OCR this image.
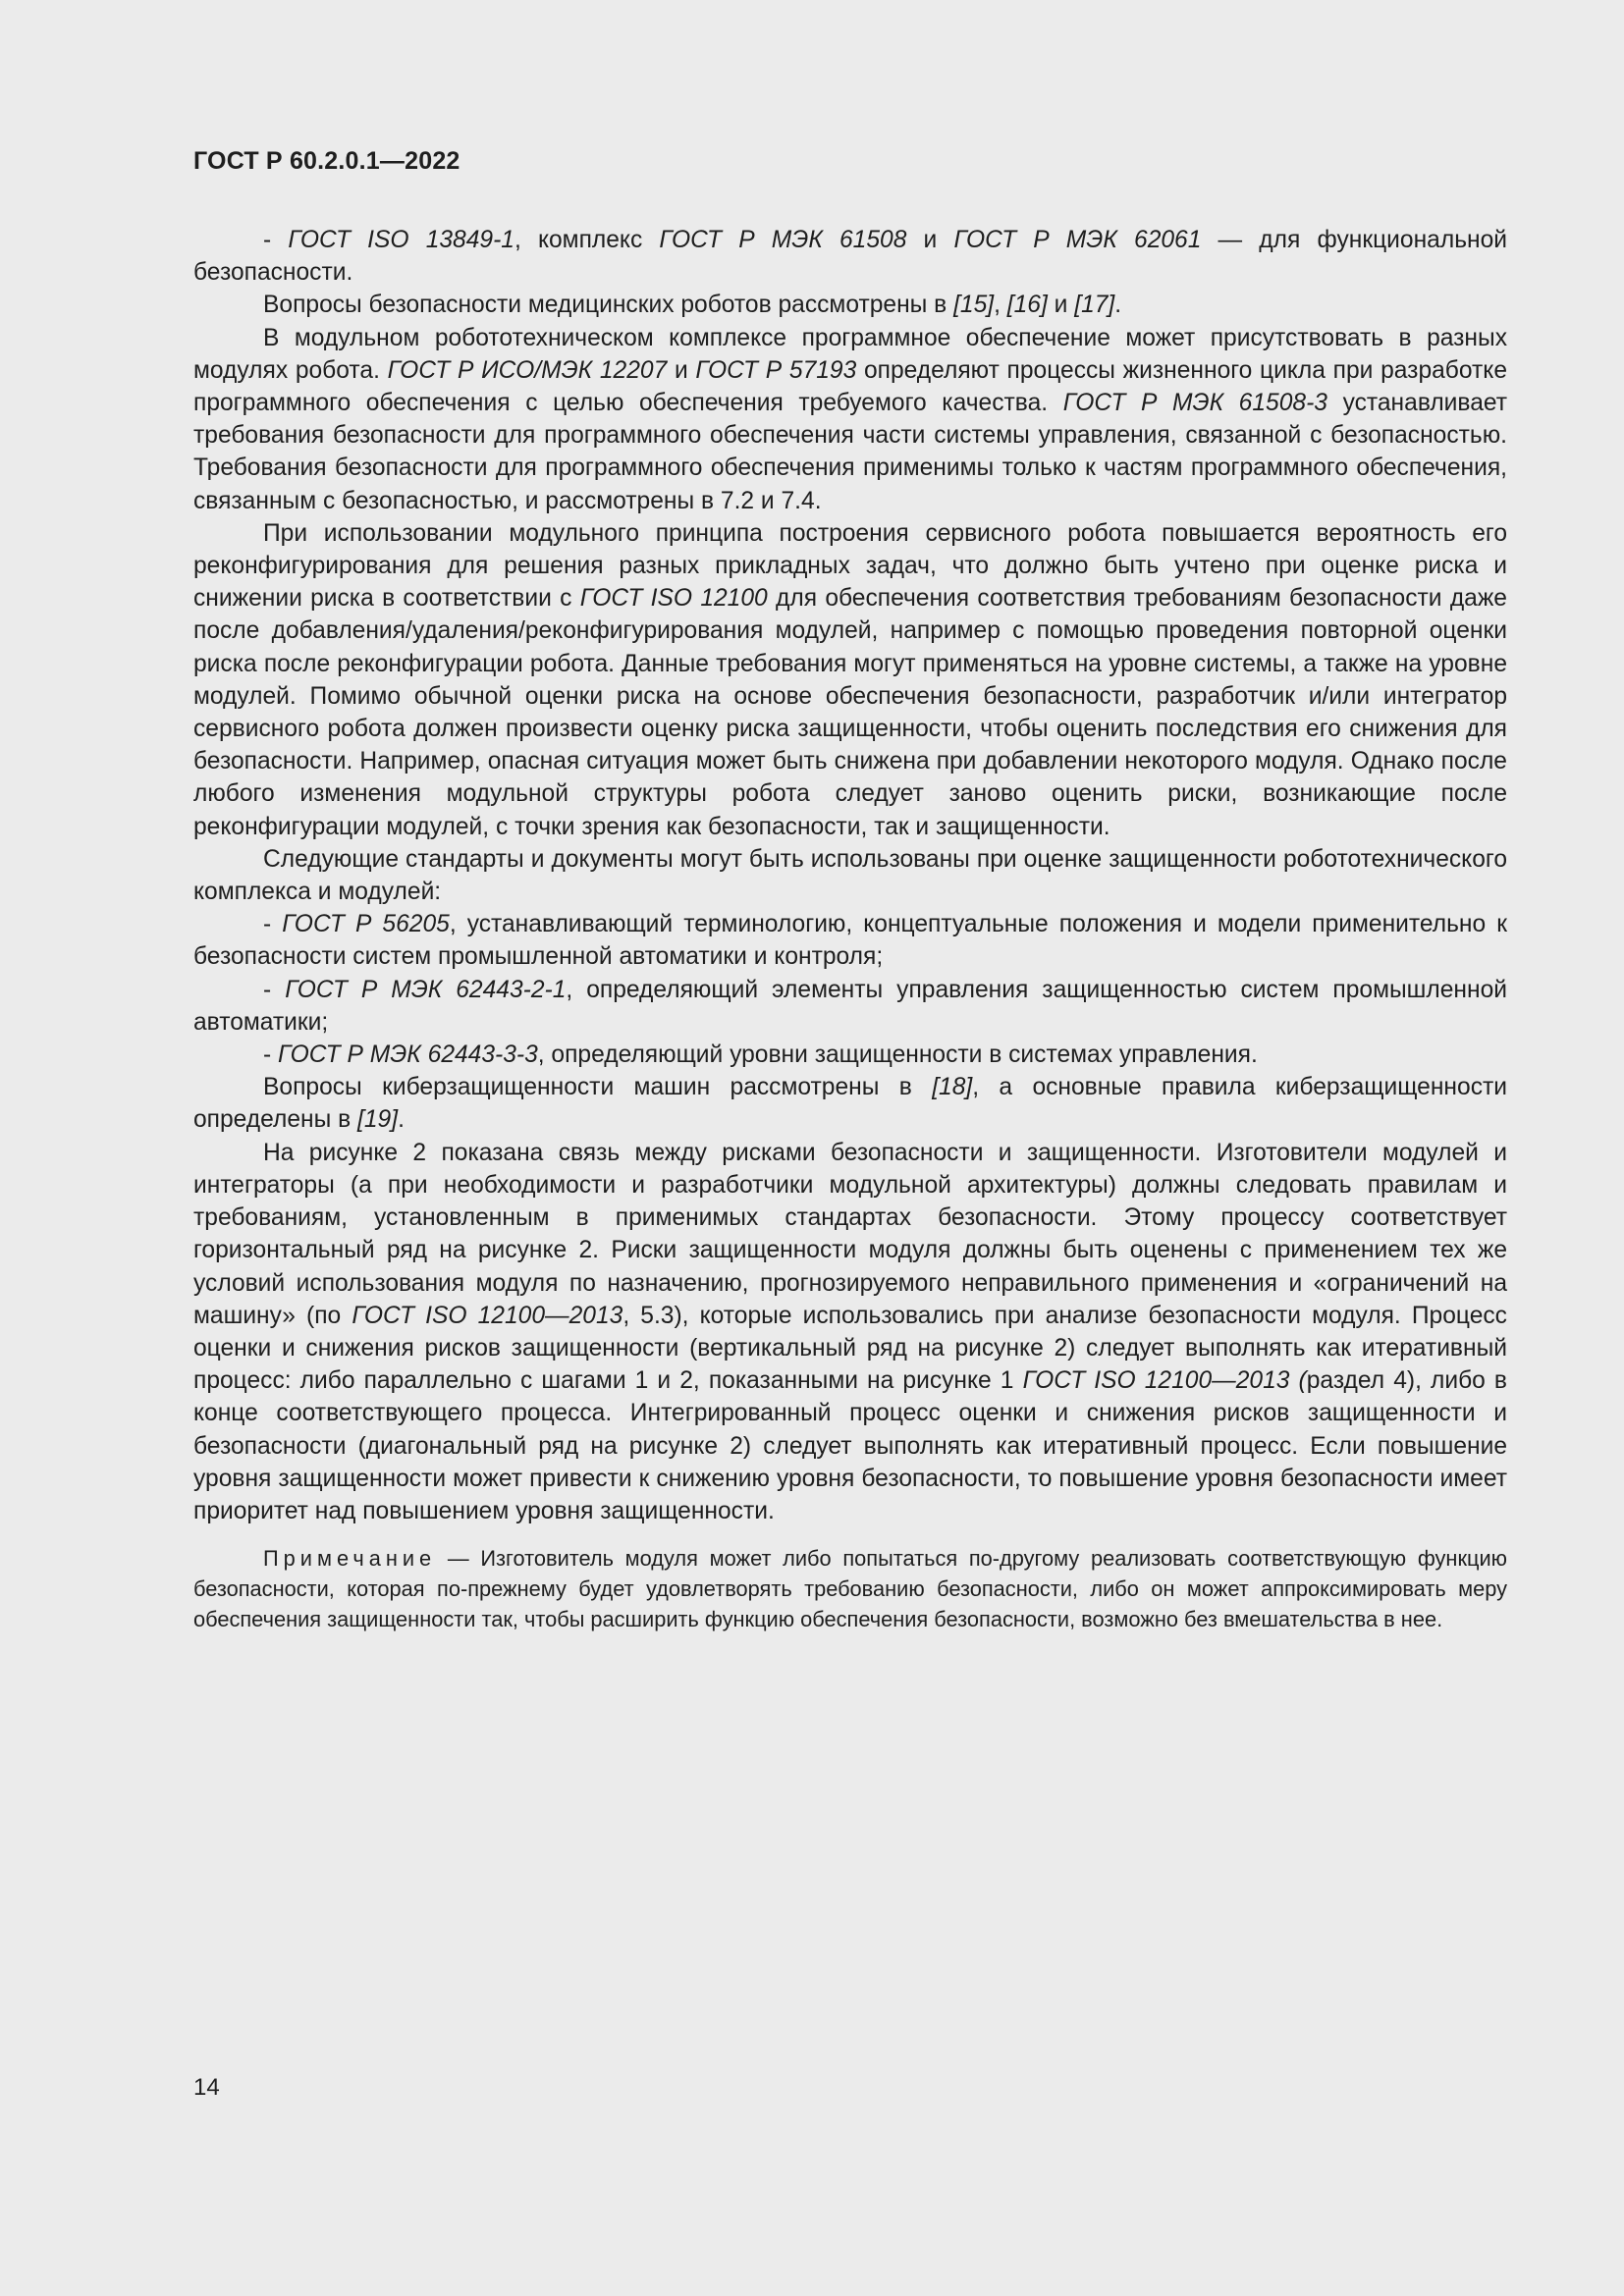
ГОСТ Р 60.2.0.1—2022

- ГОСТ ISO 13849-1, комплекс ГОСТ Р МЭК 61508 и ГОСТ Р МЭК 62061 — для функциональной безопасности.

Вопросы безопасности медицинских роботов рассмотрены в [15], [16] и [17].

В модульном робототехническом комплексе программное обеспечение может присутствовать в разных модулях робота. ГОСТ Р ИСО/МЭК 12207 и ГОСТ Р 57193 определяют процессы жизненного цикла при разработке программного обеспечения с целью обеспечения требуемого качества. ГОСТ Р МЭК 61508-3 устанавливает требования безопасности для программного обеспечения части системы управления, связанной с безопасностью. Требования безопасности для программного обеспечения применимы только к частям программного обеспечения, связанным с безопасностью, и рассмотрены в 7.2 и 7.4.

При использовании модульного принципа построения сервисного робота повышается вероятность его реконфигурирования для решения разных прикладных задач, что должно быть учтено при оценке риска и снижении риска в соответствии с ГОСТ ISO 12100 для обеспечения соответствия требованиям безопасности даже после добавления/удаления/реконфигурирования модулей, например с помощью проведения повторной оценки риска после реконфигурации робота. Данные требования могут применяться на уровне системы, а также на уровне модулей. Помимо обычной оценки риска на основе обеспечения безопасности, разработчик и/или интегратор сервисного робота должен произвести оценку риска защищенности, чтобы оценить последствия его снижения для безопасности. Например, опасная ситуация может быть снижена при добавлении некоторого модуля. Однако после любого изменения модульной структуры робота следует заново оценить риски, возникающие после реконфигурации модулей, с точки зрения как безопасности, так и защищенности.

Следующие стандарты и документы могут быть использованы при оценке защищенности робототехнического комплекса и модулей:

- ГОСТ Р 56205, устанавливающий терминологию, концептуальные положения и модели применительно к безопасности систем промышленной автоматики и контроля;

- ГОСТ Р МЭК 62443-2-1, определяющий элементы управления защищенностью систем промышленной автоматики;

- ГОСТ Р МЭК 62443-3-3, определяющий уровни защищенности в системах управления.

Вопросы киберзащищенности машин рассмотрены в [18], а основные правила киберзащищенности определены в [19].

На рисунке 2 показана связь между рисками безопасности и защищенности. Изготовители модулей и интеграторы (а при необходимости и разработчики модульной архитектуры) должны следовать правилам и требованиям, установленным в применимых стандартах безопасности. Этому процессу соответствует горизонтальный ряд на рисунке 2. Риски защищенности модуля должны быть оценены с применением тех же условий использования модуля по назначению, прогнозируемого неправильного применения и «ограничений на машину» (по ГОСТ ISO 12100—2013, 5.3), которые использовались при анализе безопасности модуля. Процесс оценки и снижения рисков защищенности (вертикальный ряд на рисунке 2) следует выполнять как итеративный процесс: либо параллельно с шагами 1 и 2, показанными на рисунке 1 ГОСТ ISO 12100—2013 (раздел 4), либо в конце соответствующего процесса. Интегрированный процесс оценки и снижения рисков защищенности и безопасности (диагональный ряд на рисунке 2) следует выполнять как итеративный процесс. Если повышение уровня защищенности может привести к снижению уровня безопасности, то повышение уровня безопасности имеет приоритет над повышением уровня защищенности.

Примечание — Изготовитель модуля может либо попытаться по-другому реализовать соответствующую функцию безопасности, которая по-прежнему будет удовлетворять требованию безопасности, либо он может аппроксимировать меру обеспечения защищенности так, чтобы расширить функцию обеспечения безопасности, возможно без вмешательства в нее.

14
